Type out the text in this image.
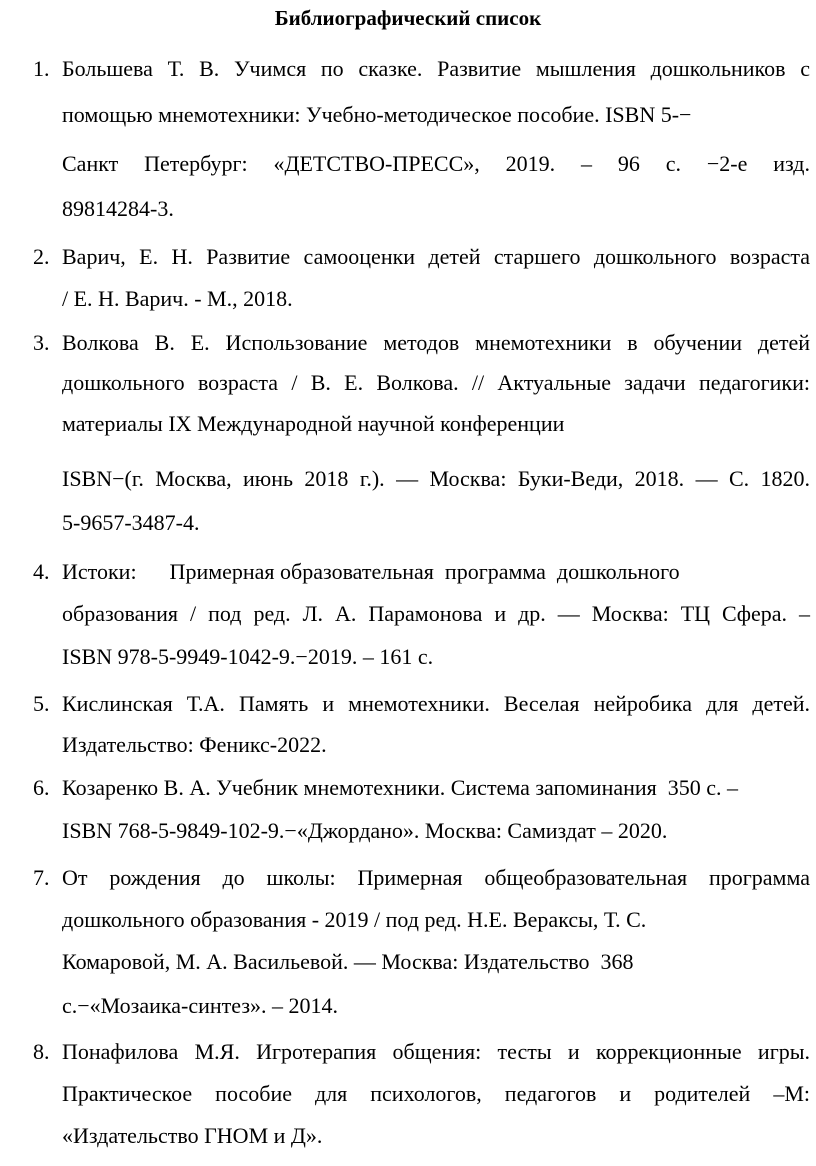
Библиографический список
1. Большева Т. В. Учимся по сказке. Развитие мышления дошкольников с
помощью мнемотехники: Учебно-методическое пособие. ISBN 5-−
Санкт Петербург: «ДЕТСТВО-ПРЕСС», 2019. – 96 с. −2-е изд.
89814284-3.
2. Варич, Е. Н. Развитие самооценки детей старшего дошкольного возраста
/ Е. Н. Варич. - М., 2018.
3. Волкова В. Е. Использование методов мнемотехники в обучении детей
дошкольного возраста / В. Е. Волкова. // Актуальные задачи педагогики:
материалы IX Международной научной конференции
ISBN−(г. Москва, июнь 2018 г.). — Москва: Буки-Веди, 2018. — С. 1820.
5-9657-3487-4.
4. Истоки:      Примерная образовательная  программа  дошкольного
образования / под ред. Л. А. Парамонова и др. — Москва: ТЦ Сфера. –
ISBN 978-5-9949-1042-9.−2019. – 161 с.
5. Кислинская Т.А. Память и мнемотехники. Веселая нейробика для детей.
Издательство: Феникс-2022.
6. Козаренко В. А. Учебник мнемотехники. Система запоминания  350 с. –
ISBN 768-5-9849-102-9.−«Джордано». Москва: Самиздат – 2020.
7. От рождения до школы: Примерная общеобразовательная программа
дошкольного образования - 2019 / под ред. Н.Е. Вераксы, Т. С.
Комаровой, М. А. Васильевой. — Москва: Издательство  368
с.−«Мозаика-синтез». – 2014.
8. Понафилова М.Я. Игротерапия общения: тесты и коррекционные игры.
Практическое пособие для психологов, педагогов и родителей –М:
«Издательство ГНОМ и Д».
